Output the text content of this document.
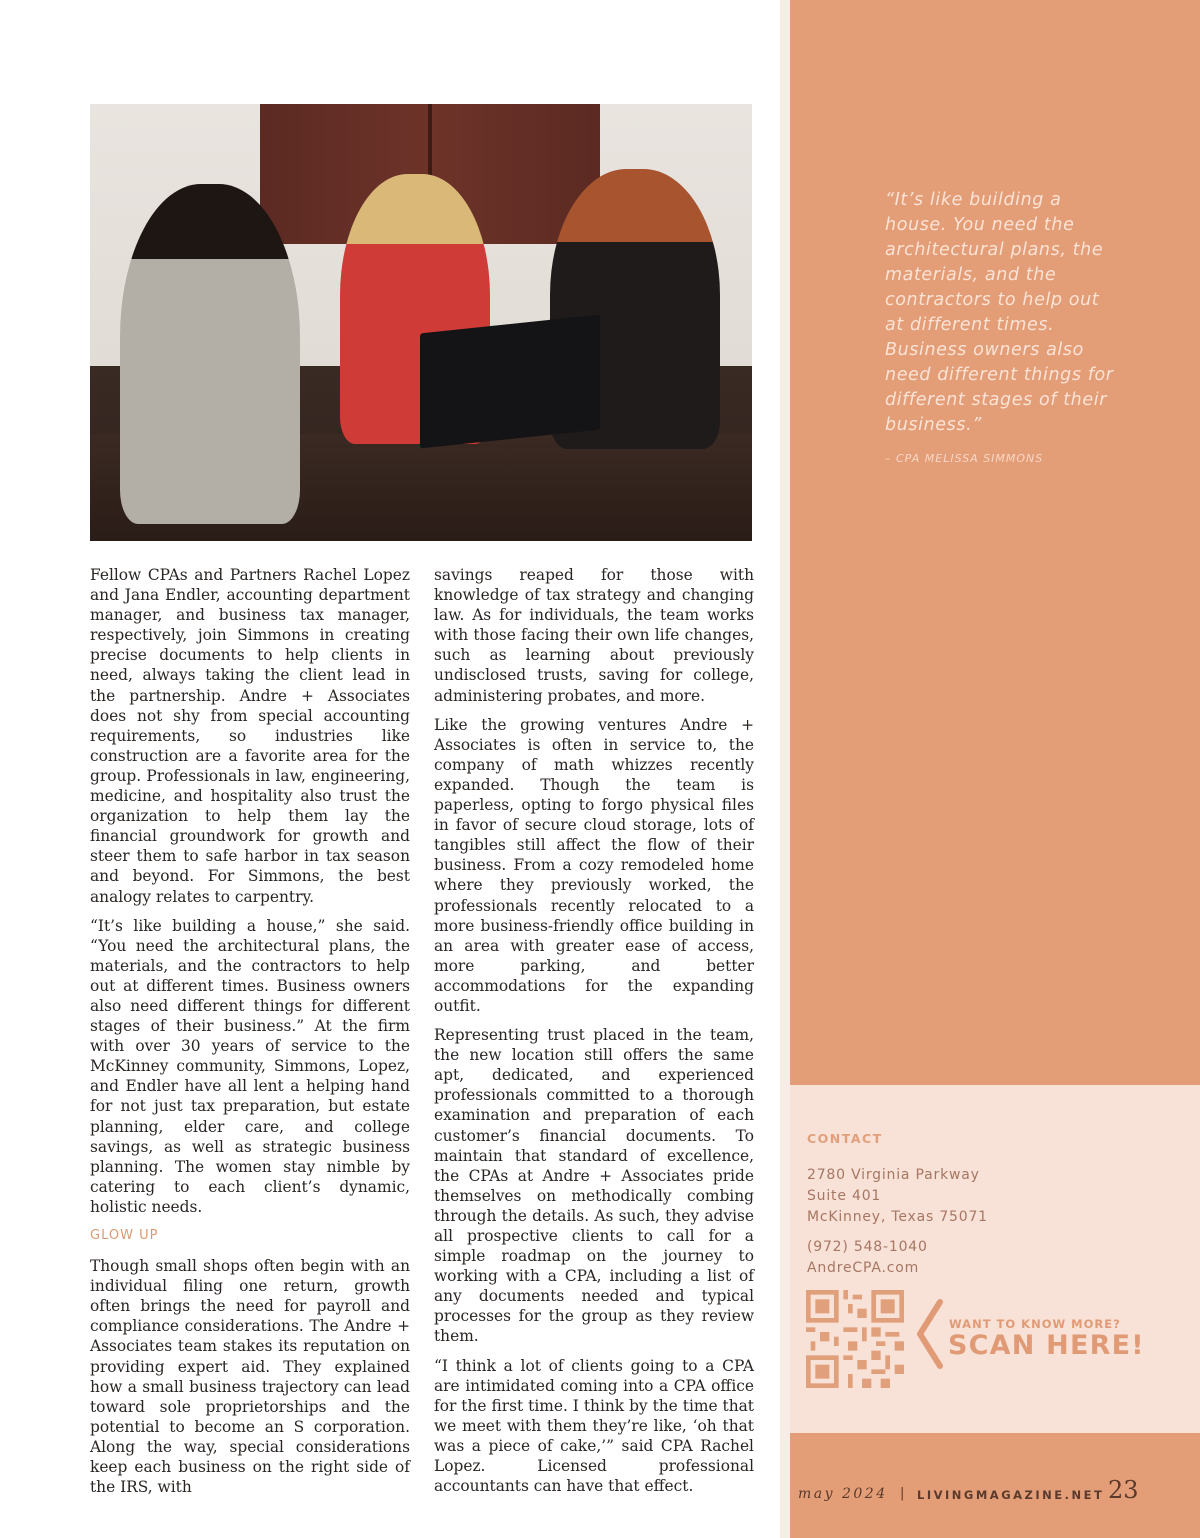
Fellow CPAs and Partners Rachel Lopez and Jana Endler, accounting department manager, and business tax manager, respectively, join Simmons in creating precise documents to help clients in need, always taking the client lead in the partnership. Andre + Associates does not shy from special accounting requirements, so industries like construction are a favorite area for the group. Professionals in law, engineering, medicine, and hospitality also trust the organization to help them lay the financial groundwork for growth and steer them to safe harbor in tax season and beyond. For Simmons, the best analogy relates to carpentry.

“It’s like building a house,” she said. “You need the architectural plans, the materials, and the contractors to help out at different times. Business owners also need different things for different stages of their business.” At the firm with over 30 years of service to the McKinney community, Simmons, Lopez, and Endler have all lent a helping hand for not just tax preparation, but estate planning, elder care, and college savings, as well as strategic business planning. The women stay nimble by catering to each client’s dynamic, holistic needs.

GLOW UP

Though small shops often begin with an individual filing one return, growth often brings the need for payroll and compliance considerations. The Andre + Associates team stakes its reputation on providing expert aid. They explained how a small business trajectory can lead toward sole proprietorships and the potential to become an S corporation. Along the way, special considerations keep each business on the right side of the IRS, with

savings reaped for those with knowledge of tax strategy and changing law. As for individuals, the team works with those facing their own life changes, such as learning about previously undisclosed trusts, saving for college, administering probates, and more.

Like the growing ventures Andre + Associates is often in service to, the company of math whizzes recently expanded. Though the team is paperless, opting to forgo physical files in favor of secure cloud storage, lots of tangibles still affect the flow of their business. From a cozy remodeled home where they previously worked, the professionals recently relocated to a more business-friendly office building in an area with greater ease of access, more parking, and better accommodations for the expanding outfit.

Representing trust placed in the team, the new location still offers the same apt, dedicated, and experienced professionals committed to a thorough examination and preparation of each customer’s financial documents. To maintain that standard of excellence, the CPAs at Andre + Associates pride themselves on methodically combing through the details. As such, they advise all prospective clients to call for a simple roadmap on the journey to working with a CPA, including a list of any documents needed and typical processes for the group as they review them.

“I think a lot of clients going to a CPA are intimidated coming into a CPA office for the first time. I think by the time that we meet with them they’re like, ‘oh that was a piece of cake,’” said CPA Rachel Lopez. Licensed professional accountants can have that effect.

“It’s like building a house. You need the architectural plans, the materials, and the contractors to help out at different times. Business owners also need different things for different stages of their business.”
– CPA MELISSA SIMMONS
CONTACT
2780 Virginia Parkway
Suite 401
McKinney, Texas 75071
(972) 548-1040
AndreCPA.com
WANT TO KNOW MORE?
SCAN HERE!
may 2024 | LIVINGMAGAZINE.NET 23
